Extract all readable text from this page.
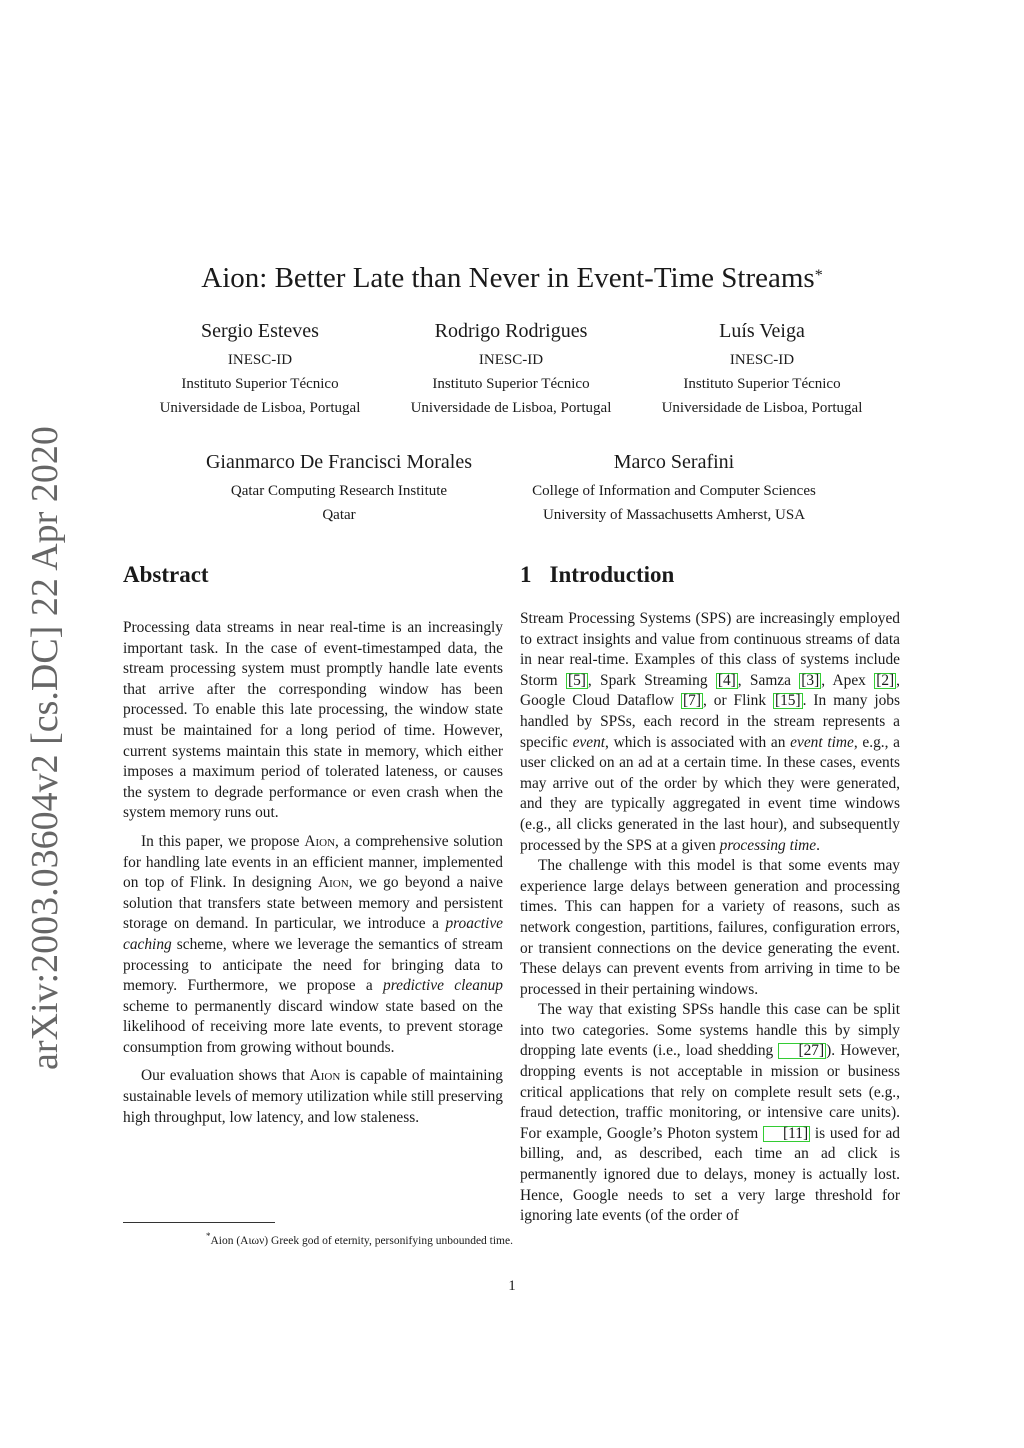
arXiv:2003.03604v2 [cs.DC] 22 Apr 2020
Aion: Better Late than Never in Event-Time Streams*
Sergio Esteves
INESC-ID
Instituto Superior Técnico
Universidade de Lisboa, Portugal
Rodrigo Rodrigues
INESC-ID
Instituto Superior Técnico
Universidade de Lisboa, Portugal
Luís Veiga
INESC-ID
Instituto Superior Técnico
Universidade de Lisboa, Portugal
Gianmarco De Francisci Morales
Qatar Computing Research Institute
Qatar
Marco Serafini
College of Information and Computer Sciences
University of Massachusetts Amherst, USA
Abstract

Processing data streams in near real-time is an increasingly important task. In the case of event-timestamped data, the stream processing system must promptly handle late events that arrive after the corresponding window has been processed. To enable this late processing, the window state must be maintained for a long period of time. However, current systems maintain this state in memory, which either imposes a maximum period of tolerated lateness, or causes the system to degrade performance or even crash when the system memory runs out.

In this paper, we propose Aion, a comprehensive solution for handling late events in an efficient manner, implemented on top of Flink. In designing Aion, we go beyond a naive solution that transfers state between memory and persistent storage on demand. In particular, we introduce a proactive caching scheme, where we leverage the semantics of stream processing to anticipate the need for bringing data to memory. Furthermore, we propose a predictive cleanup scheme to permanently discard window state based on the likelihood of receiving more late events, to prevent storage consumption from growing without bounds.

Our evaluation shows that Aion is capable of maintaining sustainable levels of memory utilization while still preserving high throughput, low latency, and low staleness.

1 Introduction

Stream Processing Systems (SPS) are increasingly employed to extract insights and value from continuous streams of data in near real-time. Examples of this class of systems include Storm [5] , Spark Streaming [4] , Samza [3] , Apex [2] , Google Cloud Dataflow [7] , or Flink [15] . In many jobs handled by SPSs, each record in the stream represents a specific event, which is associated with an event time, e.g., a user clicked on an ad at a certain time. In these cases, events may arrive out of the order by which they were generated, and they are typically aggregated in event time windows (e.g., all clicks generated in the last hour), and subsequently processed by the SPS at a given processing time.

The challenge with this model is that some events may experience large delays between generation and processing times. This can happen for a variety of reasons, such as network congestion, partitions, failures, configuration errors, or transient connections on the device generating the event. These delays can prevent events from arriving in time to be processed in their pertaining windows.

The way that existing SPSs handle this case can be split into two categories. Some systems handle this by simply dropping late events (i.e., load shedding [27] ). However, dropping events is not acceptable in mission or business critical applications that rely on complete result sets (e.g., fraud detection, traffic monitoring, or intensive care units). For example, Google’s Photon system [11] is used for ad billing, and, as described, each time an ad click is permanently ignored due to delays, money is actually lost. Hence, Google needs to set a very large threshold for ignoring late events (of the order of

*Aion (Αιων) Greek god of eternity, personifying unbounded time.
1
